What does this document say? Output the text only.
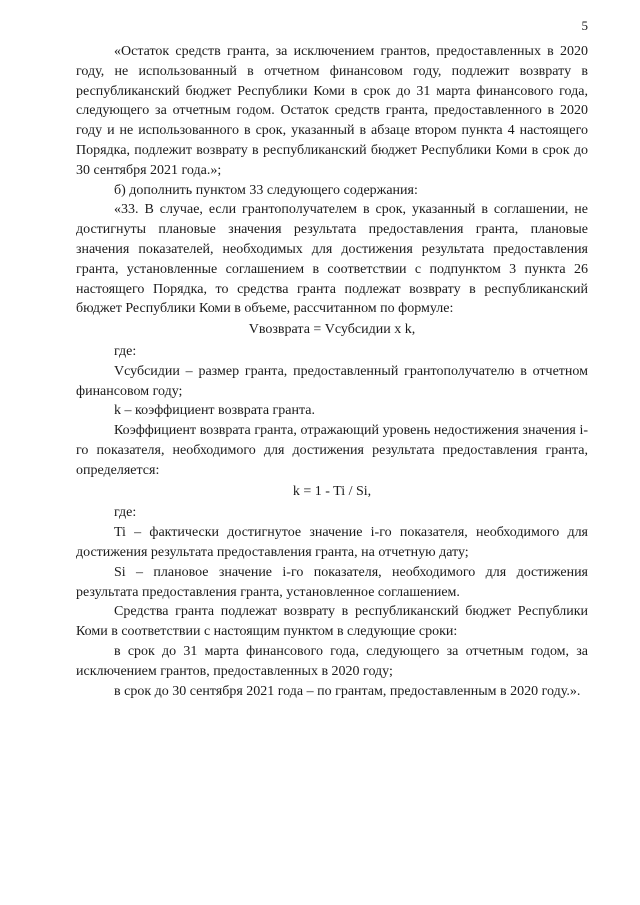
5

«Остаток средств гранта, за исключением грантов, предоставленных в 2020 году, не использованный в отчетном финансовом году, подлежит возврату в республиканский бюджет Республики Коми в срок до 31 марта финансового года, следующего за отчетным годом. Остаток средств гранта, предоставленного в 2020 году и не использованного в срок, указанный в абзаце втором пункта 4 настоящего Порядка, подлежит возврату в республиканский бюджет Республики Коми в срок до 30 сентября 2021 года.»;

б) дополнить пунктом 33 следующего содержания:

«33. В случае, если грантополучателем в срок, указанный в соглашении, не достигнуты плановые значения результата предоставления гранта, плановые значения показателей, необходимых для достижения результата предоставления гранта, установленные соглашением в соответствии с подпунктом 3 пункта 26 настоящего Порядка, то средства гранта подлежат возврату в республиканский бюджет Республики Коми в объеме, рассчитанном по формуле:

Vвозврата = Vсубсидии x k,

где:

Vсубсидии – размер гранта, предоставленный грантополучателю в отчетном финансовом году;

k – коэффициент возврата гранта.

Коэффициент возврата гранта, отражающий уровень недостижения значения i-го показателя, необходимого для достижения результата предоставления гранта, определяется:

k = 1 - Ti / Si,

где:

Ti – фактически достигнутое значение i-го показателя, необходимого для достижения результата предоставления гранта, на отчетную дату;

Si – плановое значение i-го показателя, необходимого для достижения результата предоставления гранта, установленное соглашением.

Средства гранта подлежат возврату в республиканский бюджет Республики Коми в соответствии с настоящим пунктом в следующие сроки:

в срок до 31 марта финансового года, следующего за отчетным годом, за исключением грантов, предоставленных в 2020 году;

в срок до 30 сентября 2021 года – по грантам, предоставленным в 2020 году.».
